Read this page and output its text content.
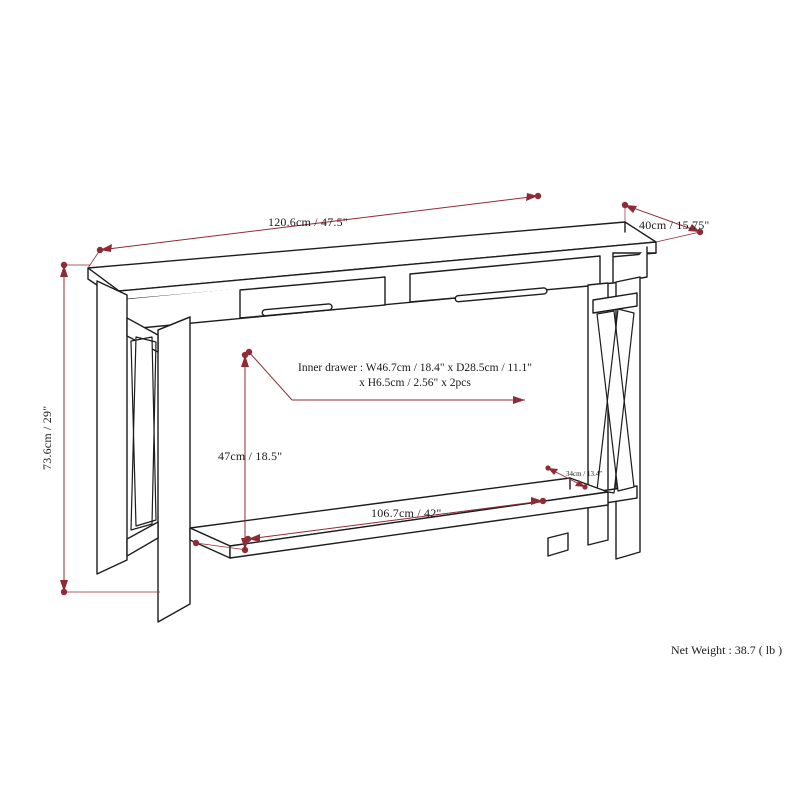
120.6cm / 47.5"	40cm / 15.75"
73.6cm / 29"	47cm / 18.5"
106.7cm / 42"
34cm / 13.4"
Inner drawer : W46.7cm / 18.4" x D28.5cm / 11.1"
x H6.5cm / 2.56" x 2pcs
Net Weight : 38.7 ( lb )
